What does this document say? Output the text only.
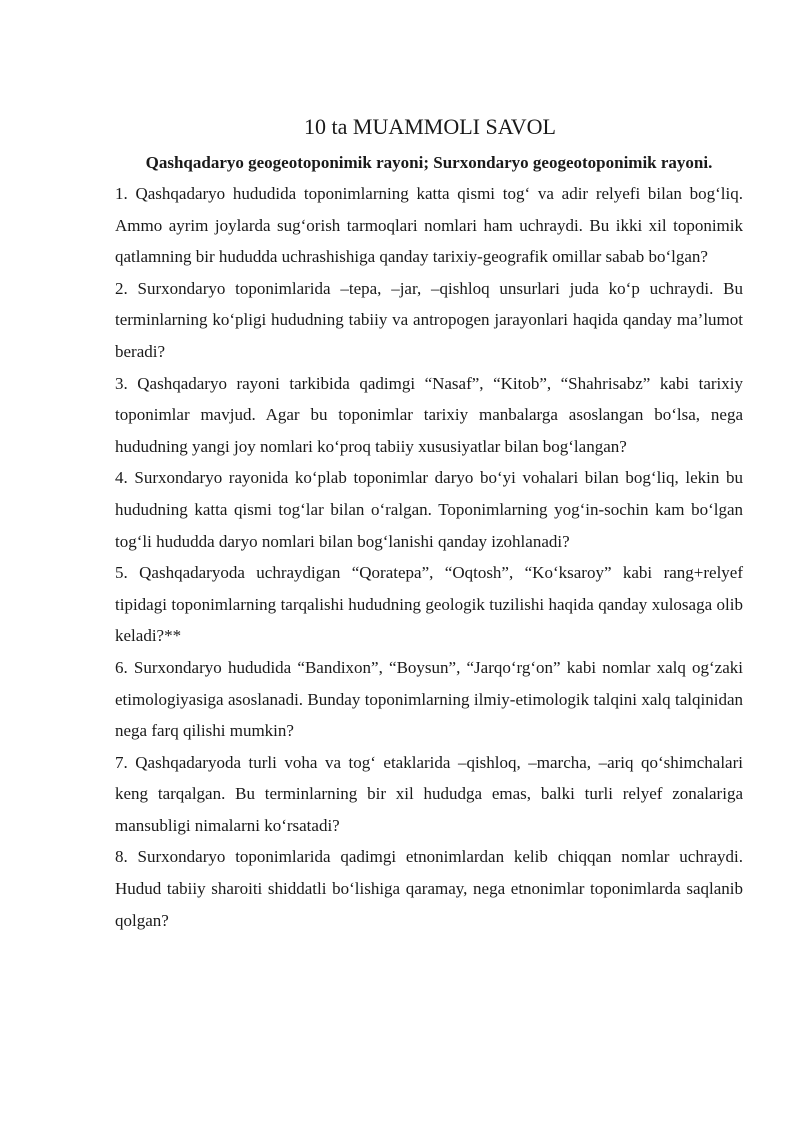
10 ta MUAMMOLI SAVOL

Qashqadaryo geogeotoponimik rayoni; Surxondaryo geogeotoponimik rayoni.

1. Qashqadaryo hududida toponimlarning katta qismi tog‘ va adir relyefi bilan bog‘liq. Ammo ayrim joylarda sug‘orish tarmoqlari nomlari ham uchraydi. Bu ikki xil toponimik qatlamning bir hududda uchrashishiga qanday tarixiy-geografik omillar sabab bo‘lgan?

2. Surxondaryo toponimlarida –tepa, –jar, –qishloq unsurlari juda ko‘p uchraydi. Bu terminlarning ko‘pligi hududning tabiiy va antropogen jarayonlari haqida qanday ma’lumot beradi?

3. Qashqadaryo rayoni tarkibida qadimgi “Nasaf”, “Kitob”, “Shahrisabz” kabi tarixiy toponimlar mavjud. Agar bu toponimlar tarixiy manbalarga asoslangan bo‘lsa, nega hududning yangi joy nomlari ko‘proq tabiiy xususiyatlar bilan bog‘langan?

4. Surxondaryo rayonida ko‘plab toponimlar daryo bo‘yi vohalari bilan bog‘liq, lekin bu hududning katta qismi tog‘lar bilan o‘ralgan. Toponimlarning yog‘in-sochin kam bo‘lgan tog‘li hududda daryo nomlari bilan bog‘lanishi qanday izohlanadi?

5. Qashqadaryoda uchraydigan “Qoratepa”, “Oqtosh”, “Ko‘ksaroy” kabi rang+relyef tipidagi toponimlarning tarqalishi hududning geologik tuzilishi haqida qanday xulosaga olib keladi?**

6. Surxondaryo hududida “Bandixon”, “Boysun”, “Jarqo‘rg‘on” kabi nomlar xalq og‘zaki etimologiyasiga asoslanadi. Bunday toponimlarning ilmiy-etimologik talqini xalq talqinidan nega farq qilishi mumkin?

7. Qashqadaryoda turli voha va tog‘ etaklarida –qishloq, –marcha, –ariq qo‘shimchalari keng tarqalgan. Bu terminlarning bir xil hududga emas, balki turli relyef zonalariga mansubligi nimalarni ko‘rsatadi?

8. Surxondaryo toponimlarida qadimgi etnonimlardan kelib chiqqan nomlar uchraydi. Hudud tabiiy sharoiti shiddatli bo‘lishiga qaramay, nega etnonimlar toponimlarda saqlanib qolgan?
